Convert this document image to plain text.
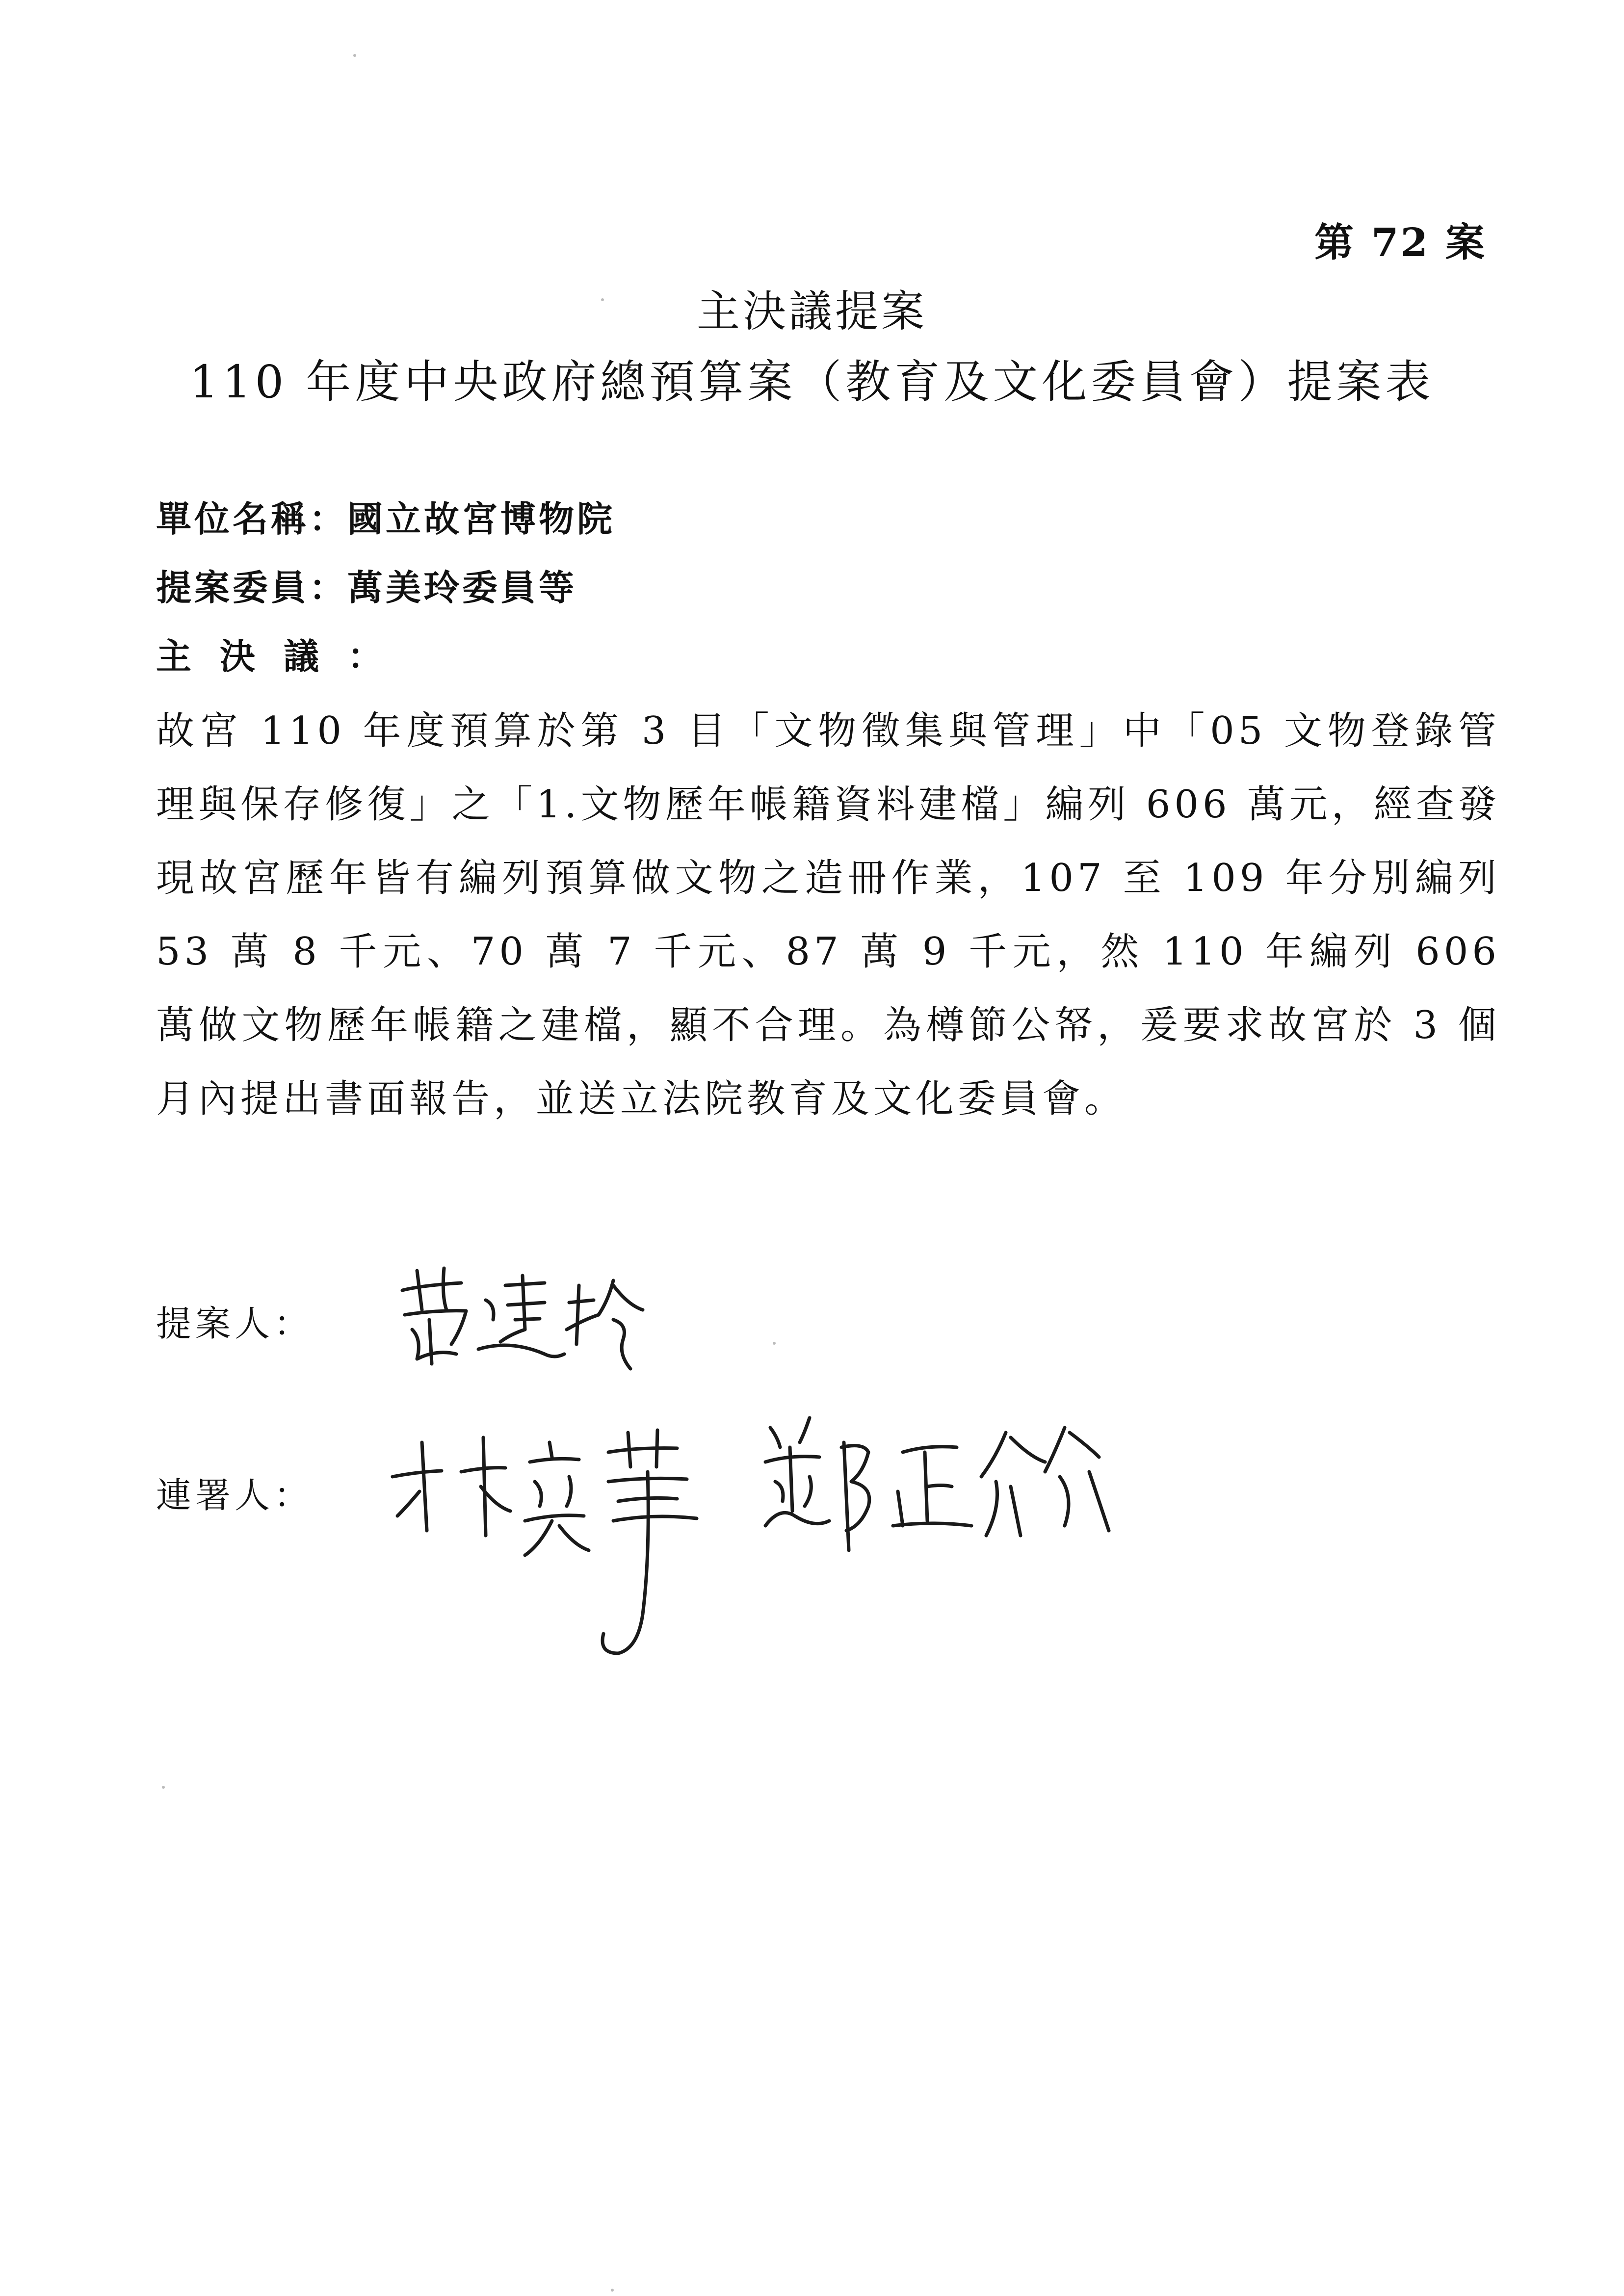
第 72 案
主決議提案
110 年度中央政府總預算案（教育及文化委員會）提案表
單位名稱：國立故宮博物院
提案委員：萬美玲委員等
主決議：
故宮 110 年度預算於第 3 目「文物徵集與管理」中「05 文物登錄管理與保存修復」之「1.文物歷年帳籍資料建檔」編列 606 萬元，經查發現故宮歷年皆有編列預算做文物之造冊作業，107 至 109 年分別編列 53 萬 8 千元、70 萬 7 千元、87 萬 9 千元，然 110 年編列 606 萬做文物歷年帳籍之建檔，顯不合理。為樽節公帑，爰要求故宮於 3 個月內提出書面報告，並送立法院教育及文化委員會。
提案人：
連署人：
